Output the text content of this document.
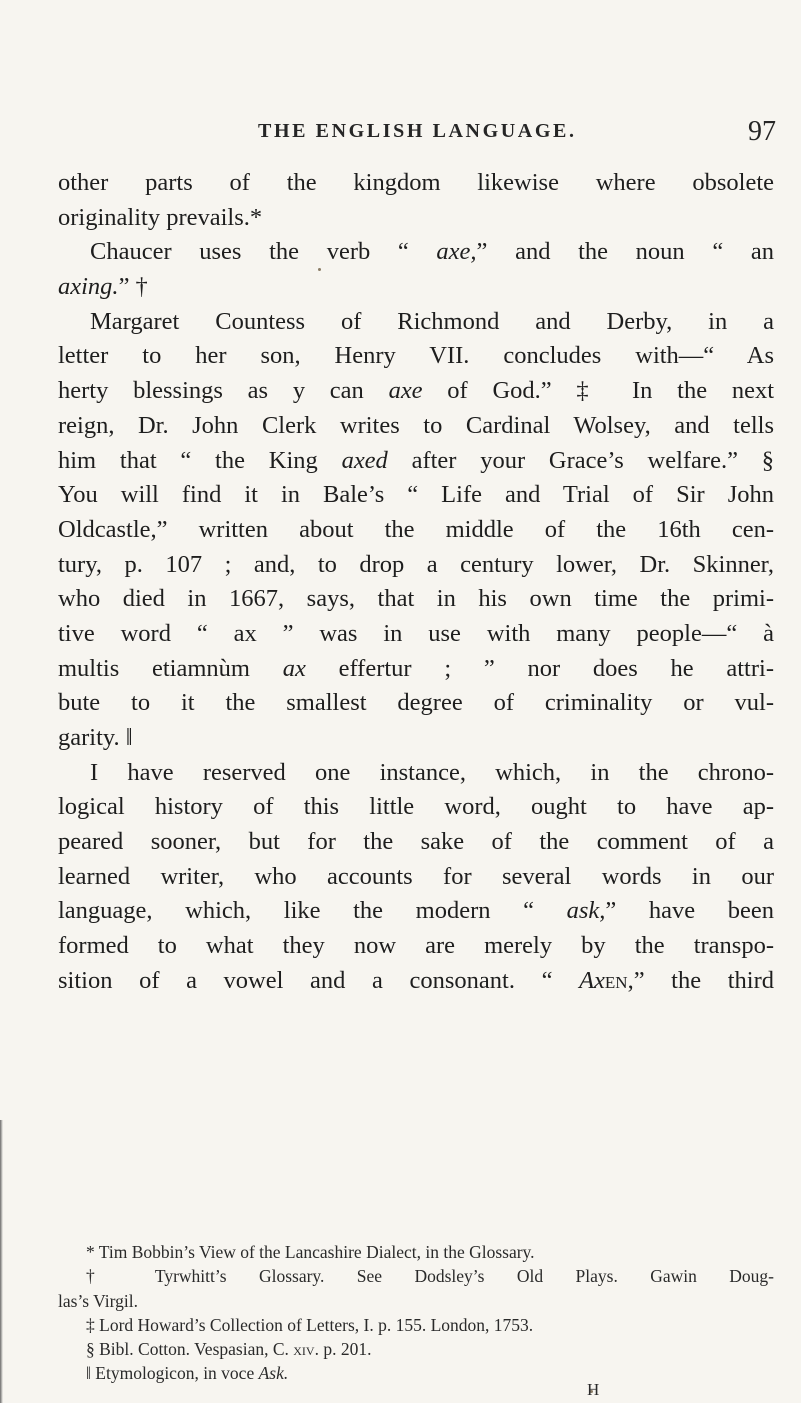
THE ENGLISH LANGUAGE.	97
other parts of the kingdom likewise where obsolete
originality prevails.*
Chaucer uses the verb “ axe,” and the noun “ an
axing.” †
Margaret Countess of Richmond and Derby, in a
letter to her son, Henry VII. concludes with—“ As
herty blessings as y can axe of God.” ‡ In the next
reign, Dr. John Clerk writes to Cardinal Wolsey, and tells
him that “ the King axed after your Grace’s welfare.” §
You will find it in Bale’s “ Life and Trial of Sir John
Oldcastle,” written about the middle of the 16th cen-
tury, p. 107 ; and, to drop a century lower, Dr. Skinner,
who died in 1667, says, that in his own time the primi-
tive word “ ax ” was in use with many people—“ à
multis etiamnùm ax effertur ; ” nor does he attri-
bute to it the smallest degree of criminality or vul-
garity. ‖
I have reserved one instance, which, in the chrono-
logical history of this little word, ought to have ap-
peared sooner, but for the sake of the comment of a
learned writer, who accounts for several words in our
language, which, like the modern “ ask,” have been
formed to what they now are merely by the transpo-
sition of a vowel and a consonant. “ Axen,” the third
* Tim Bobbin’s View of the Lancashire Dialect, in the Glossary.
† Tyrwhitt’s Glossary. See Dodsley’s Old Plays. Gawin Doug-
las’s Virgil.
‡ Lord Howard’s Collection of Letters, I. p. 155. London, 1753.
§ Bibl. Cotton. Vespasian, C. xiv. p. 201.
‖ Etymologicon, in voce Ask.
H
